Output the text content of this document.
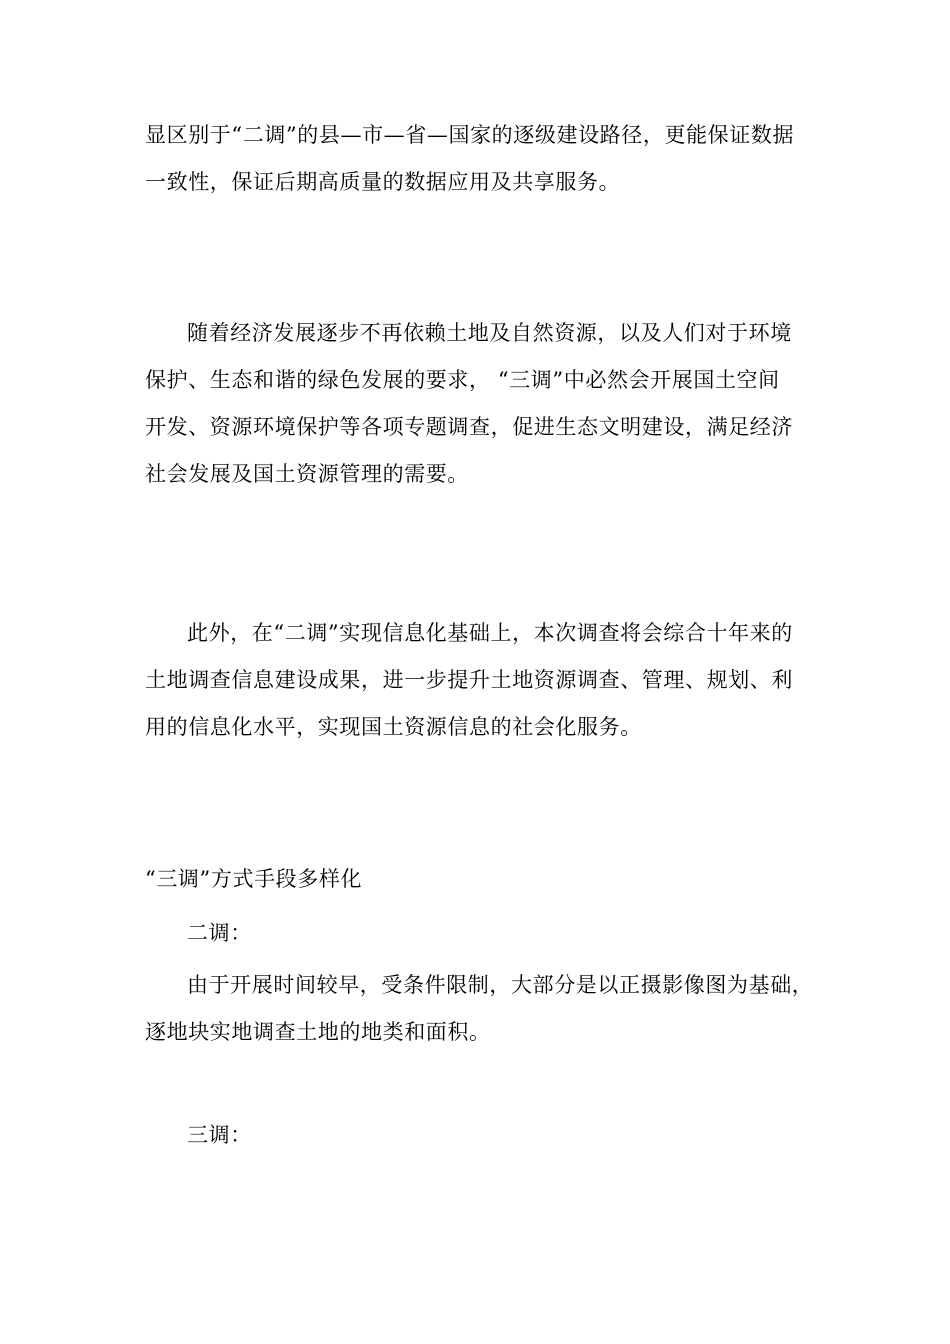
显区别于“二调”的县—市—省—国家的逐级建设路径，更能保证数据
一致性，保证后期高质量的数据应用及共享服务。

随着经济发展逐步不再依赖土地及自然资源，以及人们对于环境
保护、生态和谐的绿色发展的要求， “三调”中必然会开展国土空间
开发、资源环境保护等各项专题调查，促进生态文明建设，满足经济
社会发展及国土资源管理的需要。

此外，在“二调”实现信息化基础上，本次调查将会综合十年来的
土地调查信息建设成果，进一步提升土地资源调查、管理、规划、利
用的信息化水平，实现国土资源信息的社会化服务。

“三调”方式手段多样化

二调：

由于开展时间较早，受条件限制，大部分是以正摄影像图为基础，
逐地块实地调查土地的地类和面积。

三调：
